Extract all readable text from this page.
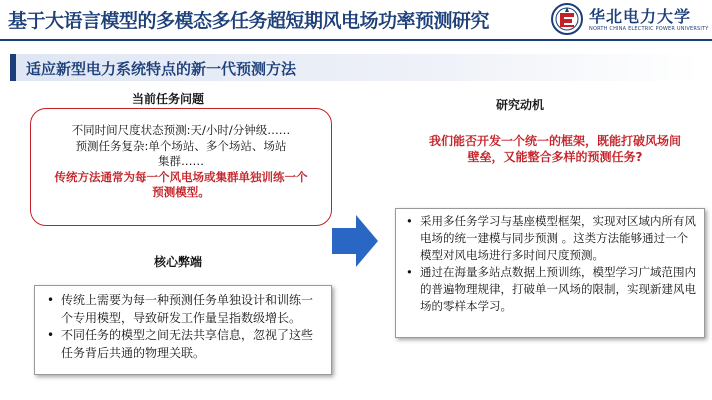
基于大语言模型的多模态多任务超短期风电场功率预测研究	华北电力大学
NORTH CHINA ELECTRIC POWER UNIVERSITY
适应新型电力系统特点的新一代预测方法
当前任务问题
不同时间尺度状态预测:天/小时/分钟级……
预测任务复杂:单个场站、多个场站、场站集群……
传统方法通常为每一个风电场或集群单独训练一个预测模型。
核心弊端
• 传统上需要为每一种预测任务单独设计和训练一个专用模型，导致研发工作量呈指数级增长。
• 不同任务的模型之间无法共享信息，忽视了这些任务背后共通的物理关联。
研究动机
我们能否开发一个统一的框架，既能打破风场间壁垒，又能整合多样的预测任务?
• 采用多任务学习与基座模型框架，实现对区域内所有风电场的统一建模与同步预测 。这类方法能够通过一个模型对风电场进行多时间尺度预测。
• 通过在海量多站点数据上预训练，模型学习广域范围内的普遍物理规律，打破单一风场的限制，实现新建风电场的零样本学习。
